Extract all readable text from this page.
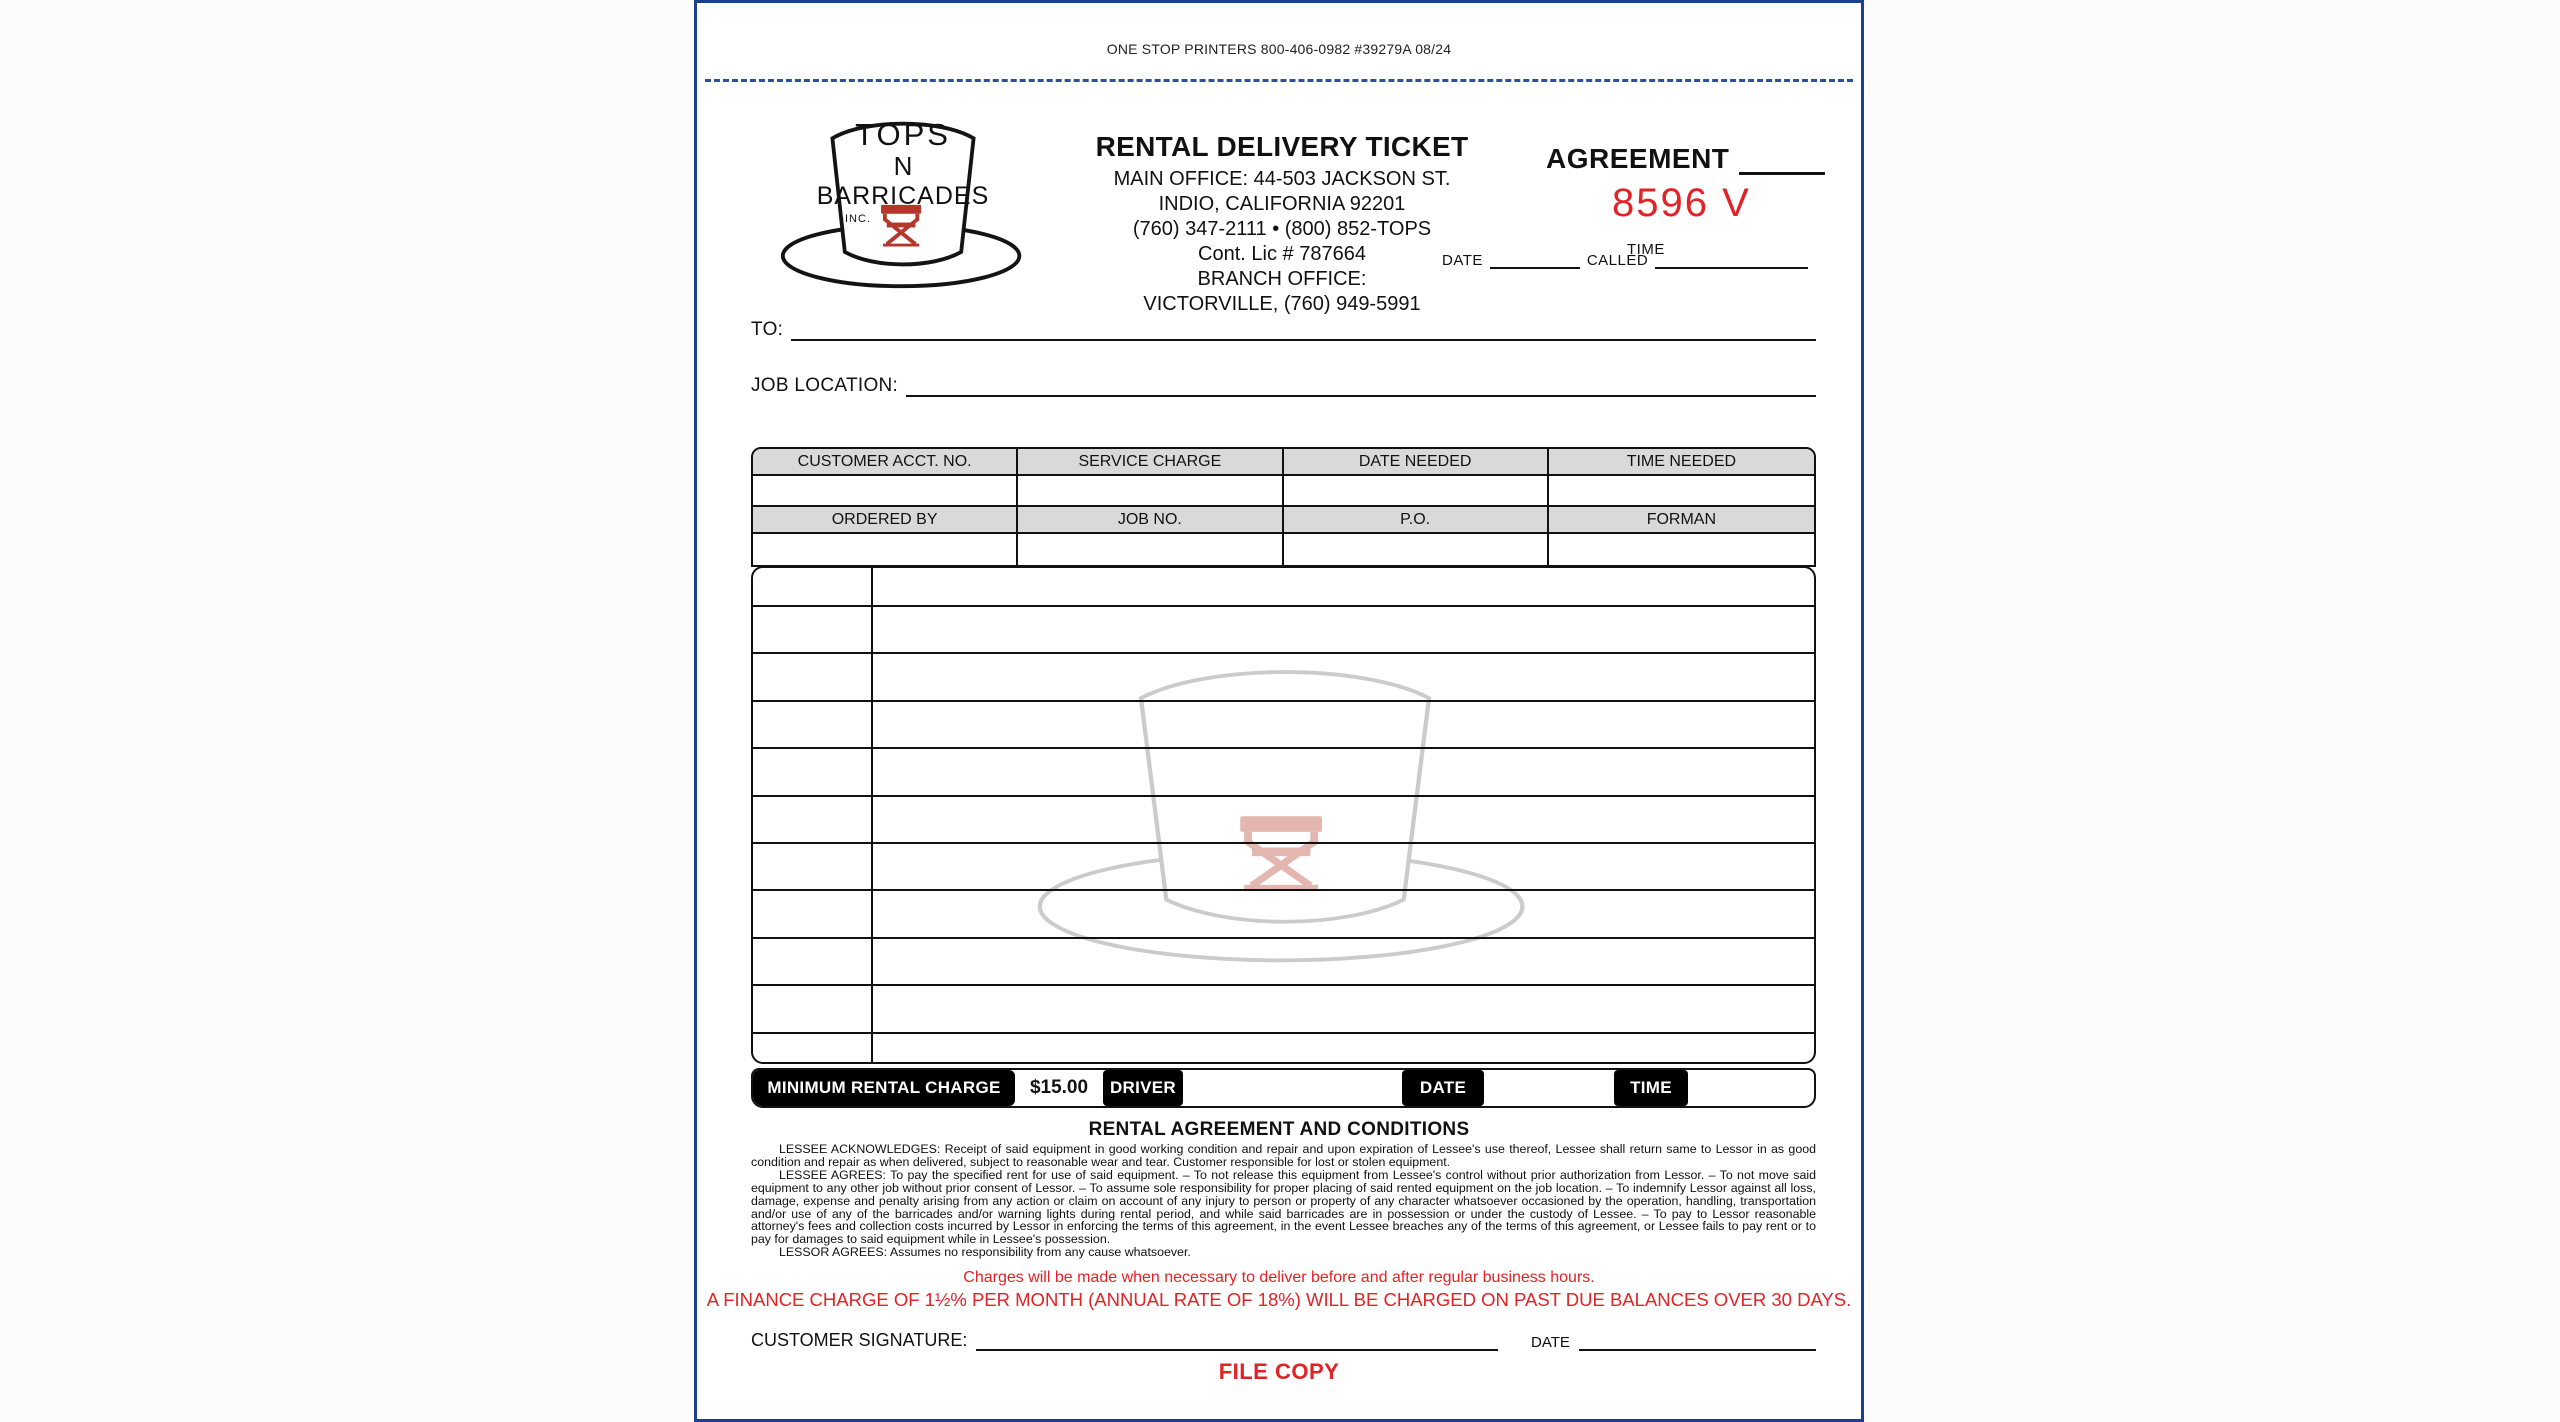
ONE STOP PRINTERS 800-406-0982 #39279A 08/24
TOPS
N
BARRICADES
INC.
RENTAL DELIVERY TICKET
MAIN OFFICE: 44-503 JACKSON ST.
INDIO, CALIFORNIA 92201
(760) 347-2111 • (800) 852-TOPS
Cont. Lic # 787664
BRANCH OFFICE:
VICTORVILLE, (760) 949-5991
AGREEMENT
8596 V
TIME
DATE	CALLED
TO:
JOB LOCATION:
CUSTOMER ACCT. NO.	SERVICE CHARGE	DATE NEEDED	TIME NEEDED
ORDERED BY	JOB NO.	P.O.	FORMAN
MINIMUM RENTAL CHARGE	$15.00	DRIVER	DATE	TIME
RENTAL AGREEMENT AND CONDITIONS

LESSEE ACKNOWLEDGES: Receipt of said equipment in good working condition and repair and upon expiration of Lessee's use thereof, Lessee shall return same to Lessor in as good condition and repair as when delivered, subject to reasonable wear and tear. Customer responsible for lost or stolen equipment.

LESSEE AGREES: To pay the specified rent for use of said equipment. – To not release this equipment from Lessee's control without prior authorization from Lessor. – To not move said equipment to any other job without prior consent of Lessor. – To assume sole responsibility for proper placing of said rented equipment on the job location. – To indemnify Lessor against all loss, damage, expense and penalty arising from any action or claim on account of any injury to person or property of any character whatsoever occasioned by the operation, handling, transportation and/or use of any of the barricades and/or warning lights during rental period, and while said barricades are in possession or under the custody of Lessee. – To pay to Lessor reasonable attorney's fees and collection costs incurred by Lessor in enforcing the terms of this agreement, in the event Lessee breaches any of the terms of this agreement, or Lessee fails to pay rent or to pay for damages to said equipment while in Lessee's possession.

LESSOR AGREES: Assumes no responsibility from any cause whatsoever.

Charges will be made when necessary to deliver before and after regular business hours.
A FINANCE CHARGE OF 1½% PER MONTH (ANNUAL RATE OF 18%) WILL BE CHARGED ON PAST DUE BALANCES OVER 30 DAYS.
CUSTOMER SIGNATURE:	DATE
FILE COPY
